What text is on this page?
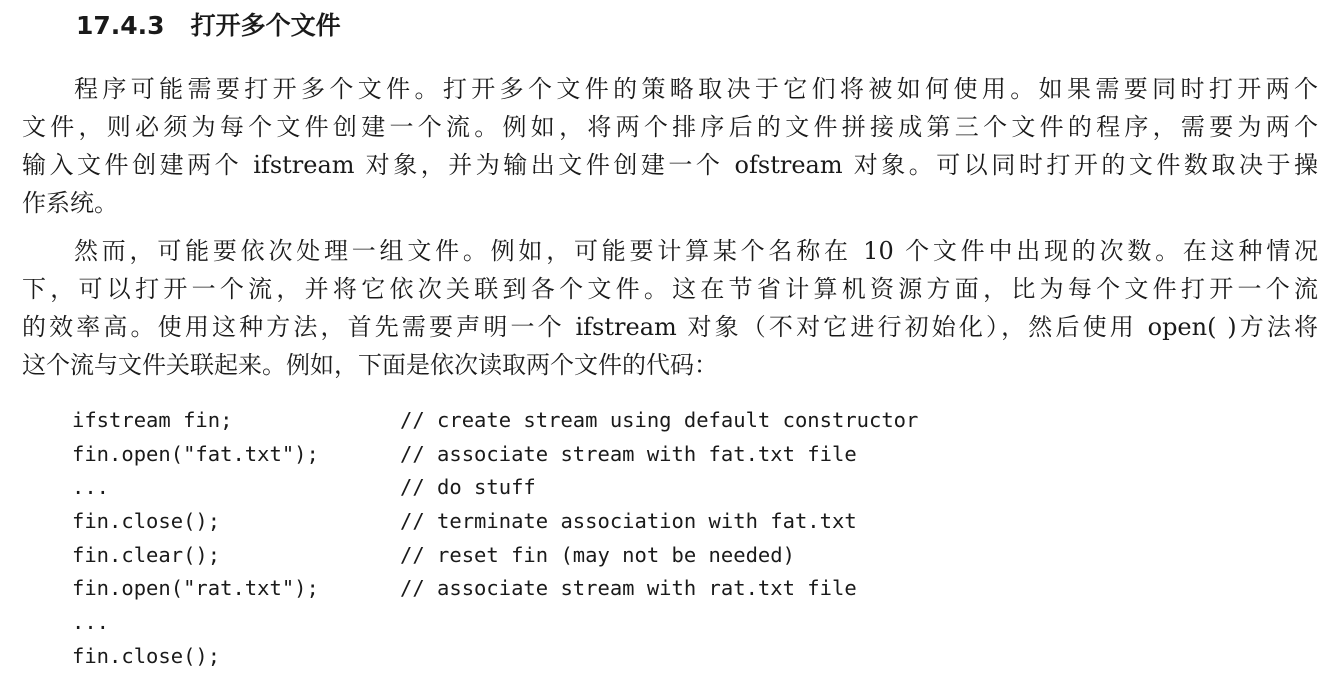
17.4.3 打开多个文件
程序可能需要打开多个文件。打开多个文件的策略取决于它们将被如何使用。如果需要同时打开两个
文件，则必须为每个文件创建一个流。例如，将两个排序后的文件拼接成第三个文件的程序，需要为两个
输入文件创建两个 ifstream 对象，并为输出文件创建一个 ofstream 对象。可以同时打开的文件数取决于操
作系统。
然而，可能要依次处理一组文件。例如，可能要计算某个名称在 10 个文件中出现的次数。在这种情况
下，可以打开一个流，并将它依次关联到各个文件。这在节省计算机资源方面，比为每个文件打开一个流
的效率高。使用这种方法，首先需要声明一个 ifstream 对象（不对它进行初始化），然后使用 open( )方法将
这个流与文件关联起来。例如，下面是依次读取两个文件的代码：
ifstream fin;	// create stream using default constructor
fin.open("fat.txt");	// associate stream with fat.txt file
...	// do stuff
fin.close();	// terminate association with fat.txt
fin.clear();	// reset fin (may not be needed)
fin.open("rat.txt");	// associate stream with rat.txt file
...
fin.close();
